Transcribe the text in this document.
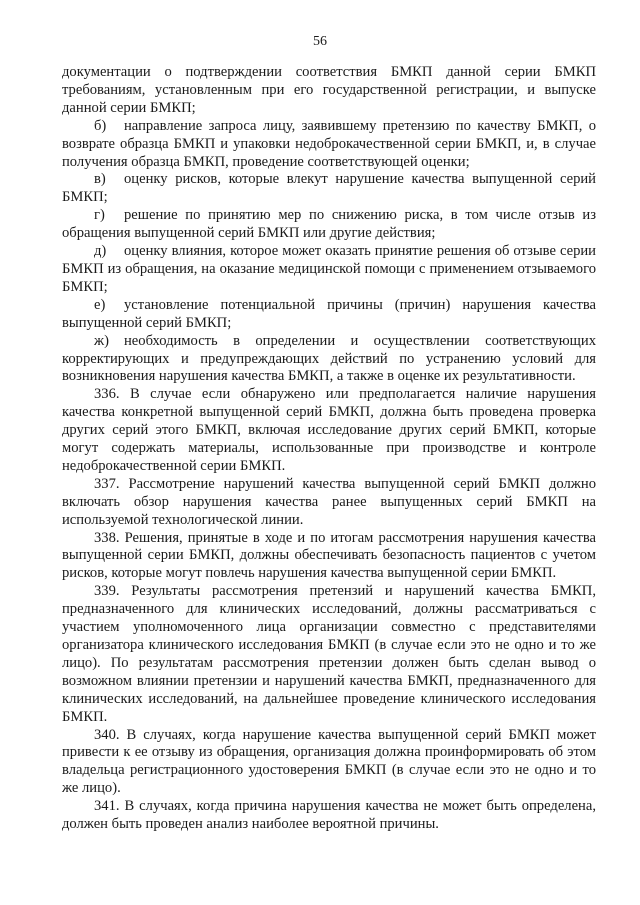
56

документации о подтверждении соответствия БМКП данной серии БМКП требованиям, установленным при его государственной регистрации, и выпуске данной серии БМКП;

б) направление запроса лицу, заявившему претензию по качеству БМКП, о возврате образца БМКП и упаковки недоброкачественной серии БМКП, и, в случае получения образца БМКП, проведение соответствующей оценки;

в) оценку рисков, которые влекут нарушение качества выпущенной серий БМКП;

г) решение по принятию мер по снижению риска, в том числе отзыв из обращения выпущенной серий БМКП или другие действия;

д) оценку влияния, которое может оказать принятие решения об отзыве серии БМКП из обращения, на оказание медицинской помощи с применением отзываемого БМКП;

е) установление потенциальной причины (причин) нарушения качества выпущенной серий БМКП;

ж) необходимость в определении и осуществлении соответствующих корректирующих и предупреждающих действий по устранению условий для возникновения нарушения качества БМКП, а также в оценке их результативности.

336. В случае если обнаружено или предполагается наличие нарушения качества конкретной выпущенной серий БМКП, должна быть проведена проверка других серий этого БМКП, включая исследование других серий БМКП, которые могут содержать материалы, использованные при производстве и контроле недоброкачественной серии БМКП.

337. Рассмотрение нарушений качества выпущенной серий БМКП должно включать обзор нарушения качества ранее выпущенных серий БМКП на используемой технологической линии.

338. Решения, принятые в ходе и по итогам рассмотрения нарушения качества выпущенной серии БМКП, должны обеспечивать безопасность пациентов с учетом рисков, которые могут повлечь нарушения качества выпущенной серии БМКП.

339. Результаты рассмотрения претензий и нарушений качества БМКП, предназначенного для клинических исследований, должны рассматриваться с участием уполномоченного лица организации совместно с представителями организатора клинического исследования БМКП (в случае если это не одно и то же лицо). По результатам рассмотрения претензии должен быть сделан вывод о возможном влиянии претензии и нарушений качества БМКП, предназначенного для клинических исследований, на дальнейшее проведение клинического исследования БМКП.

340. В случаях, когда нарушение качества выпущенной серий БМКП может привести к ее отзыву из обращения, организация должна проинформировать об этом владельца регистрационного удостоверения БМКП (в случае если это не одно и то же лицо).

341. В случаях, когда причина нарушения качества не может быть определена, должен быть проведен анализ наиболее вероятной причины.
